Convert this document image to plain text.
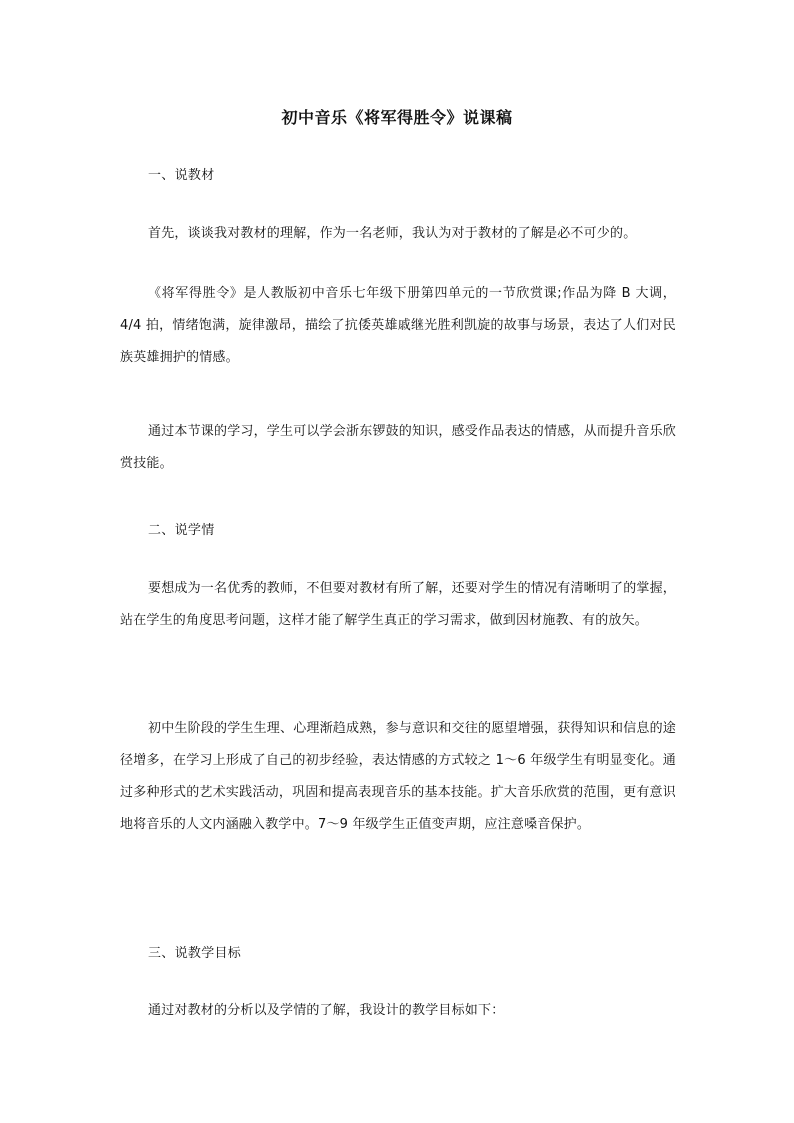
初中音乐《将军得胜令》说课稿
一、说教材

首先，谈谈我对教材的理解，作为一名老师，我认为对于教材的了解是必不可少的。

《将军得胜令》是人教版初中音乐七年级下册第四单元的一节欣赏课;作品为降 B 大调，4/4 拍，情绪饱满，旋律激昂，描绘了抗倭英雄戚继光胜利凯旋的故事与场景，表达了人们对民族英雄拥护的情感。

通过本节课的学习，学生可以学会浙东锣鼓的知识，感受作品表达的情感，从而提升音乐欣赏技能。

二、说学情

要想成为一名优秀的教师，不但要对教材有所了解，还要对学生的情况有清晰明了的掌握，站在学生的角度思考问题，这样才能了解学生真正的学习需求，做到因材施教、有的放矢。

初中生阶段的学生生理、心理渐趋成熟，参与意识和交往的愿望增强，获得知识和信息的途径增多，在学习上形成了自己的初步经验，表达情感的方式较之 1～6 年级学生有明显变化。通过多种形式的艺术实践活动，巩固和提高表现音乐的基本技能。扩大音乐欣赏的范围，更有意识地将音乐的人文内涵融入教学中。7～9 年级学生正值变声期，应注意嗓音保护。

三、说教学目标

通过对教材的分析以及学情的了解，我设计的教学目标如下：
